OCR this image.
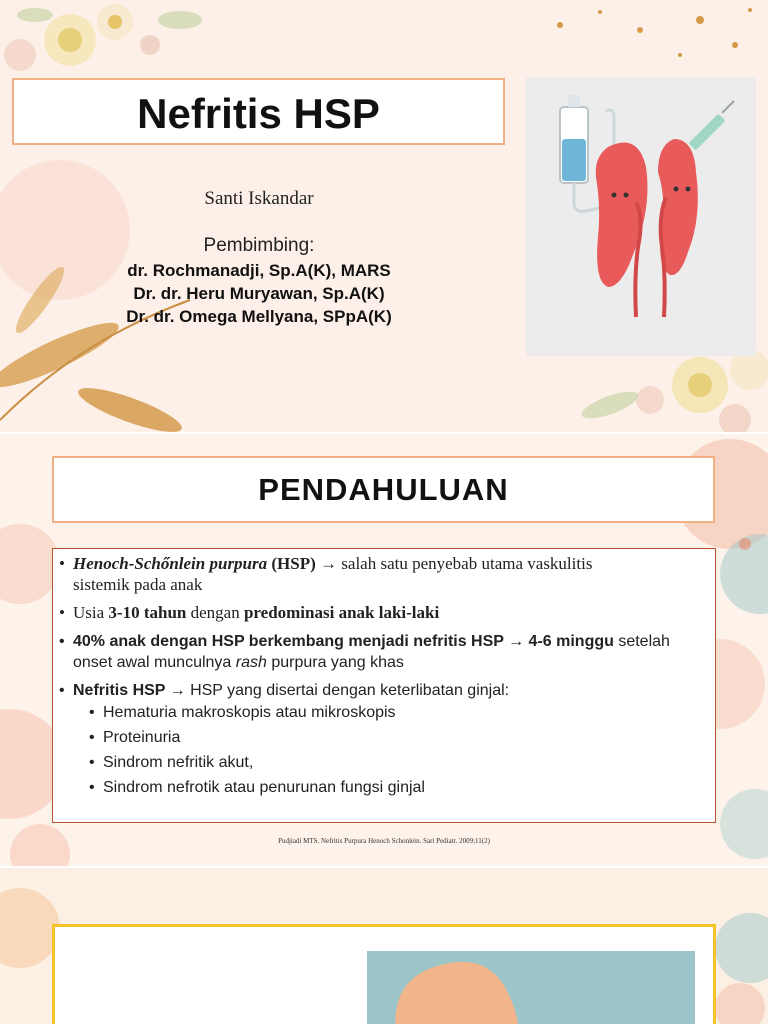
Nefritis HSP
Santi Iskandar
Pembimbing:
dr. Rochmanadji, Sp.A(K), MARS
Dr. dr. Heru Muryawan, Sp.A(K)
Dr. dr. Omega Mellyana, SPpA(K)
PENDAHULUAN
• Henoch-Schőnlein purpura (HSP) → salah satu penyebab utama vaskulitis
sistemik pada anak
• Usia 3-10 tahun dengan predominasi anak laki-laki
• 40% anak dengan HSP berkembang menjadi nefritis HSP → 4-6 minggu setelah
onset awal munculnya rash purpura yang khas
• Nefritis HSP → HSP yang disertai dengan keterlibatan ginjal:
• Hematuria makroskopis atau mikroskopis
• Proteinuria
• Sindrom nefritik akut,
• Sindrom nefrotik atau penurunan fungsi ginjal
Pudjiadi MTS. Nefritis Purpura Henoch Schonlein. Sari Pediatr. 2009;11(2)
